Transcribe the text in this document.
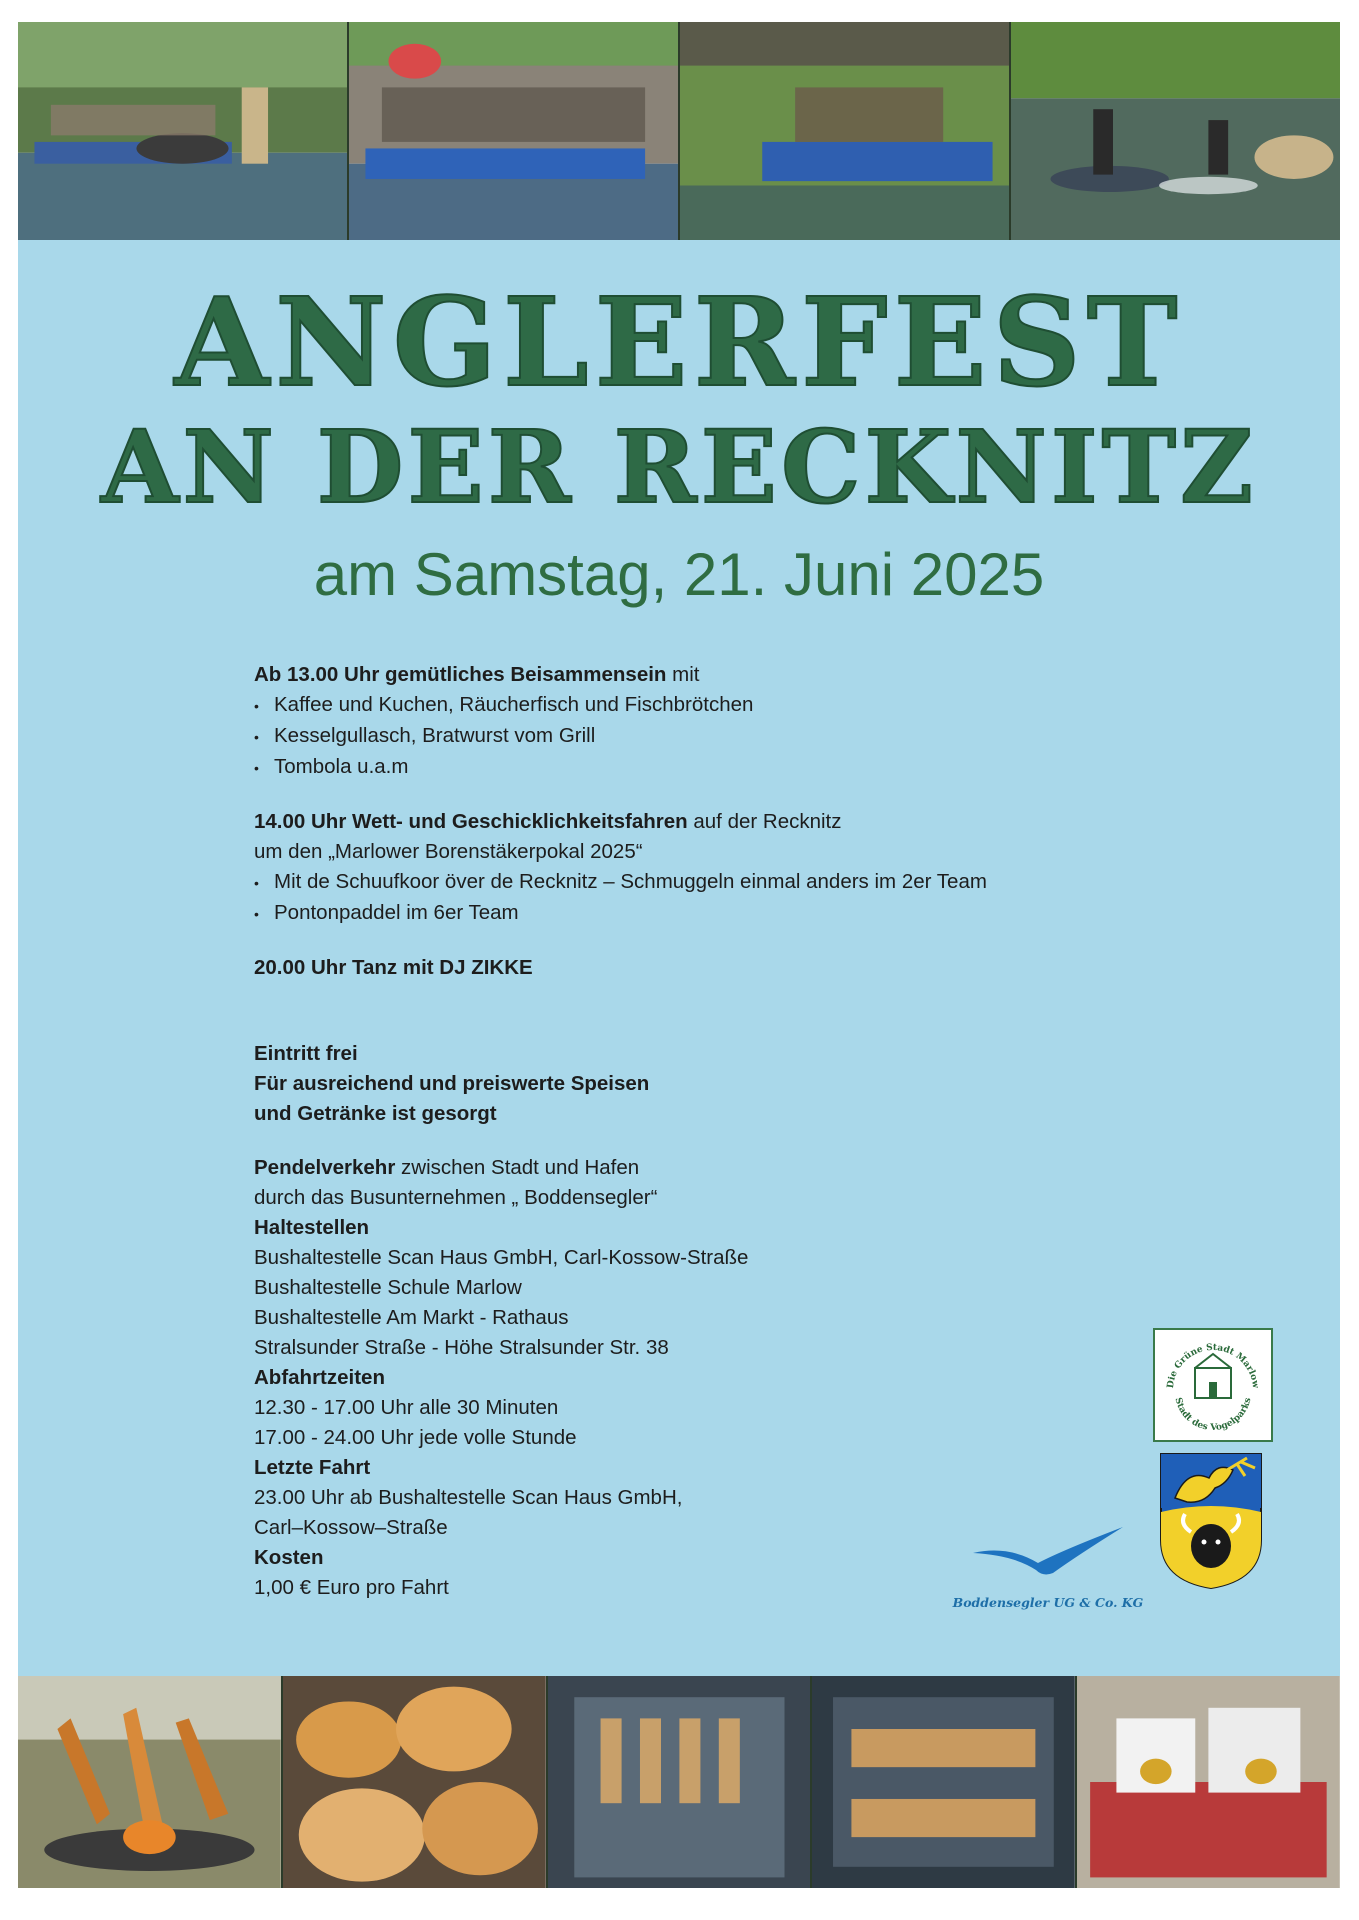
ANGLERFEST
AN DER RECKNITZ
am Samstag, 21. Juni 2025

Ab 13.00 Uhr gemütliches Beisammensein mit

• Kaffee und Kuchen, Räucherfisch und Fischbrötchen
• Kesselgullasch, Bratwurst vom Grill
• Tombola u.a.m

14.00 Uhr Wett- und Geschicklichkeitsfahren auf der Recknitz

um den „Marlower Borenstäkerpokal 2025“

• Mit de Schuufkoor över de Recknitz – Schmuggeln einmal anders im 2er Team
• Pontonpaddel im 6er Team

20.00 Uhr Tanz mit DJ ZIKKE

Eintritt frei

Für ausreichend und preiswerte Speisen

und Getränke ist gesorgt

Pendelverkehr zwischen Stadt und Hafen

durch das Busunternehmen „ Boddensegler“

Haltestellen

Bushaltestelle Scan Haus GmbH, Carl-Kossow-Straße

Bushaltestelle Schule Marlow

Bushaltestelle Am Markt - Rathaus

Stralsunder Straße - Höhe Stralsunder Str. 38

Abfahrtzeiten

12.30 - 17.00 Uhr alle 30 Minuten

17.00 - 24.00 Uhr jede volle Stunde

Letzte Fahrt

23.00 Uhr ab Bushaltestelle Scan Haus GmbH,

Carl–Kossow–Straße

Kosten

1,00 € Euro pro Fahrt

Boddensegler UG & Co. KG
Die Grüne Stadt Marlow
Stadt des Vogelparks
